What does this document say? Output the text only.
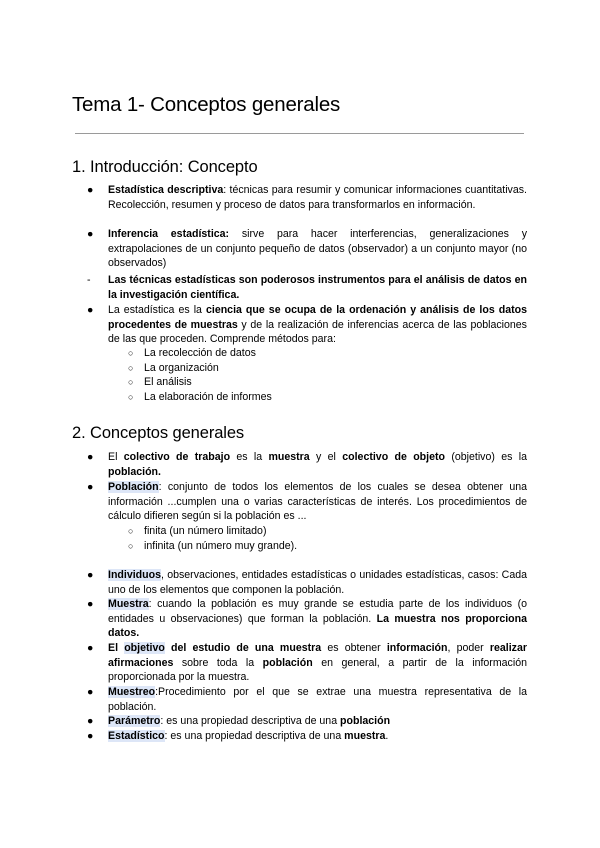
Tema 1- Conceptos generales
1. Introducción: Concepto
●	Estadística descriptiva: técnicas para resumir y comunicar informaciones cuantitativas. Recolección, resumen y proceso de datos para transformarlos en información.
●	Inferencia estadística: sirve para hacer interferencias, generalizaciones y extrapolaciones de un conjunto pequeño de datos (observador) a un conjunto mayor (no observados)
-	Las técnicas estadísticas son poderosos instrumentos para el análisis de datos en la investigación científica.
●	La estadística es la ciencia que se ocupa de la ordenación y análisis de los datos procedentes de muestras y de la realización de inferencias acerca de las poblaciones de las que proceden. Comprende métodos para:
○ La recolección de datos
○ La organización
○ El análisis
○ La elaboración de informes
2. Conceptos generales
●	El colectivo de trabajo es la muestra y el colectivo de objeto (objetivo) es la población.
●	Población: conjunto de todos los elementos de los cuales se desea obtener una información ...cumplen una o varias características de interés. Los procedimientos de cálculo difieren según si la población es ...
○ finita (un número limitado)
○ infinita (un número muy grande).
●	Individuos, observaciones, entidades estadísticas o unidades estadísticas, casos: Cada uno de los elementos que componen la población.
●	Muestra: cuando la población es muy grande se estudia parte de los individuos (o entidades u observaciones) que forman la población. La muestra nos proporciona datos.
●	El objetivo del estudio de una muestra es obtener información, poder realizar afirmaciones sobre toda la población en general, a partir de la información proporcionada por la muestra.
●	Muestreo:Procedimiento por el que se extrae una muestra representativa de la población.
●	Parámetro: es una propiedad descriptiva de una población
●	Estadístico: es una propiedad descriptiva de una muestra.
